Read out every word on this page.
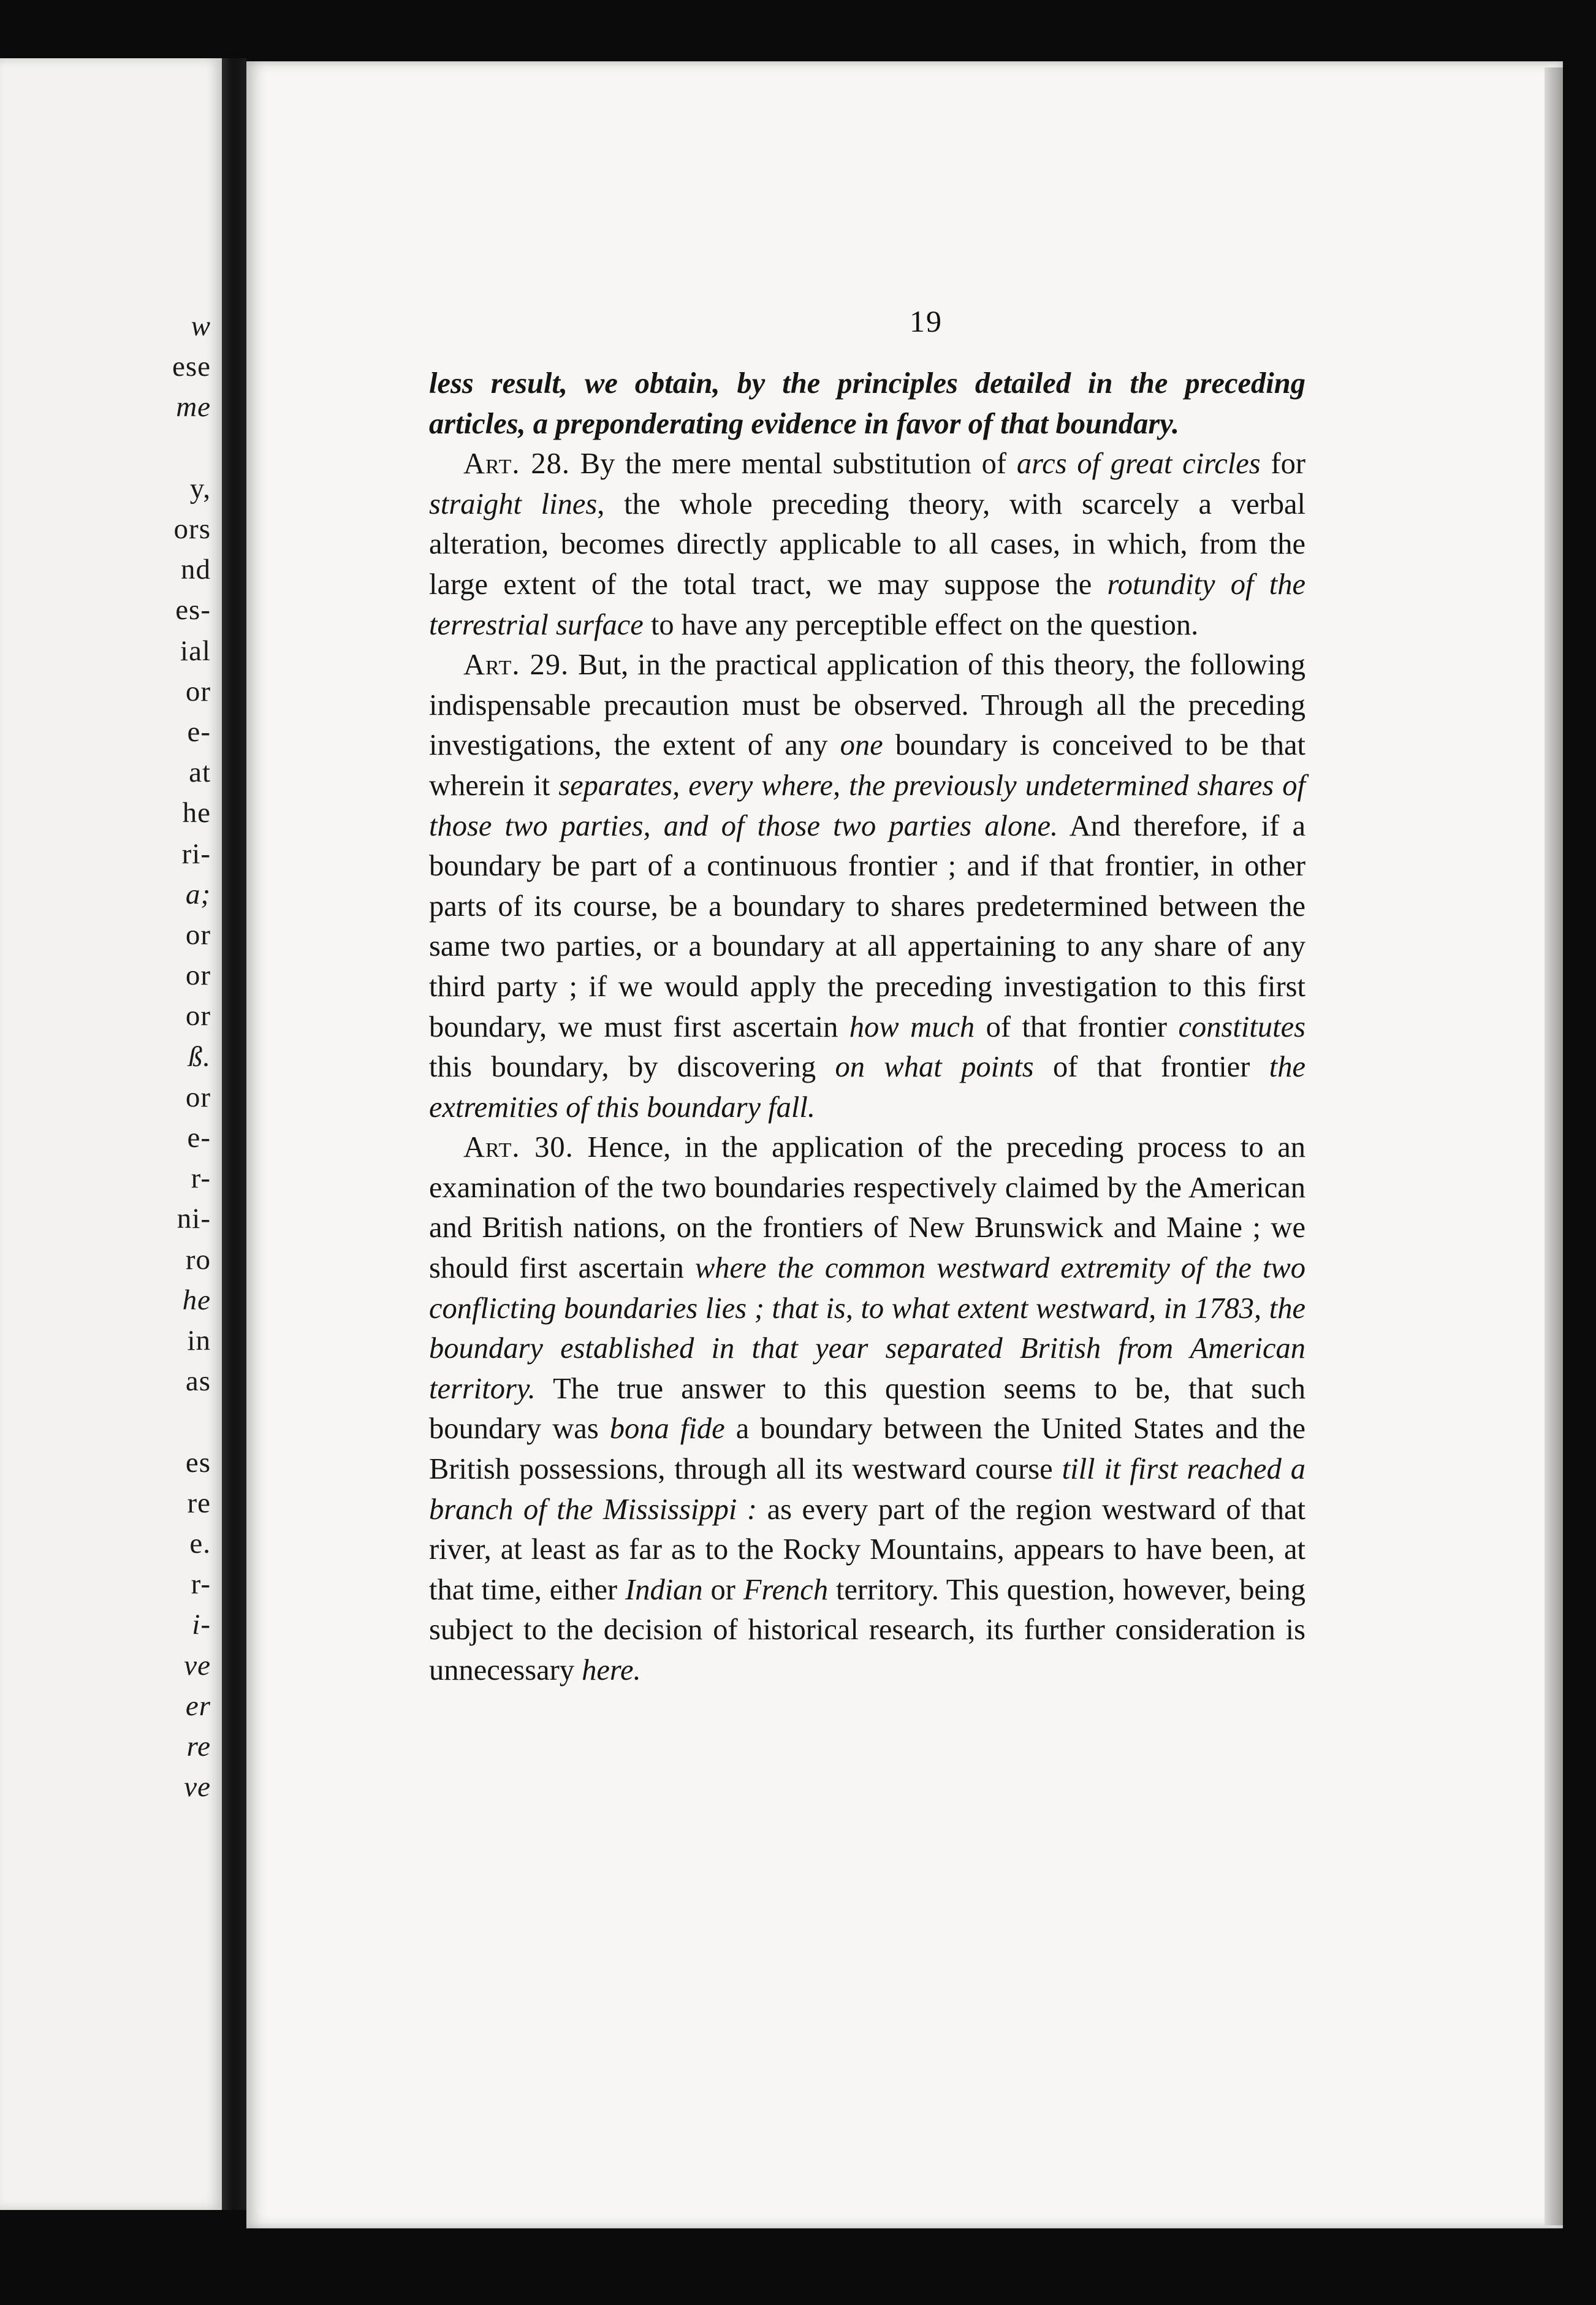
w
ese
me
y,
ors
nd
es-
ial
or
e-
at
he
ri-
a;
or
or
or
ß.
or
e-
r-
ni-
ro
he
in
as
es
re
e.
r-
i-
ve
er
re
ve
19

less result, we obtain, by the principles detailed in the preceding articles, a preponderating evidence in favor of that boundary.

Art. 28. By the mere mental substitution of arcs of great circles for straight lines, the whole preceding theory, with scarcely a verbal alteration, becomes directly applicable to all cases, in which, from the large extent of the total tract, we may suppose the rotundity of the terrestrial surface to have any perceptible effect on the question.

Art. 29. But, in the practical application of this theory, the following indispensable precaution must be observed. Through all the preceding investigations, the extent of any one boundary is conceived to be that wherein it separates, every where, the previously undetermined shares of those two parties, and of those two parties alone. And therefore, if a boundary be part of a continuous frontier ; and if that frontier, in other parts of its course, be a boundary to shares predetermined between the same two parties, or a boundary at all appertaining to any share of any third party ; if we would apply the preceding investigation to this first boundary, we must first ascertain how much of that frontier constitutes this boundary, by discovering on what points of that frontier the extremities of this boundary fall.

Art. 30. Hence, in the application of the preceding process to an examination of the two boundaries respectively claimed by the American and British nations, on the frontiers of New Brunswick and Maine ; we should first ascertain where the common westward extremity of the two conflicting boundaries lies ; that is, to what extent westward, in 1783, the boundary established in that year separated British from American territory. The true answer to this question seems to be, that such boundary was bona fide a boundary between the United States and the British possessions, through all its westward course till it first reached a branch of the Mississippi : as every part of the region westward of that river, at least as far as to the Rocky Mountains, appears to have been, at that time, either Indian or French territory. This question, however, being subject to the decision of historical research, its further consideration is unnecessary here.
